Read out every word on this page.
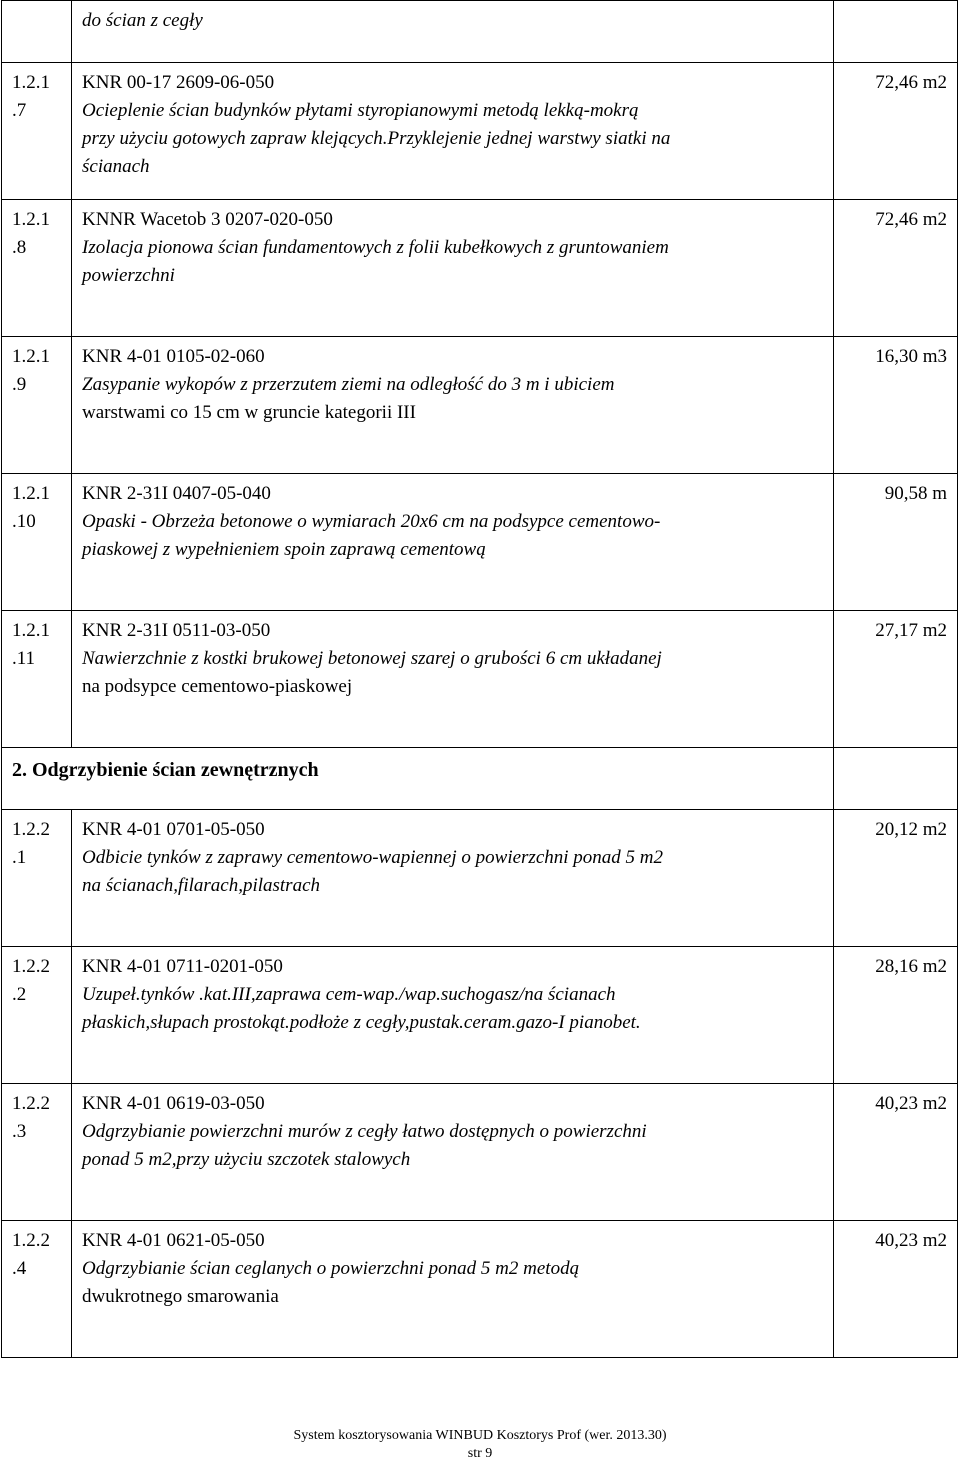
	do ścian z cegły	

1.2.1
.7	KNR 00-17 2609-06-050
Ocieplenie ścian budynków płytami styropianowymi metodą lekką-mokrą
przy użyciu gotowych zapraw klejących.Przyklejenie jednej warstwy siatki na
ścianach	72,46 m2

1.2.1
.8	KNNR Wacetob 3 0207-020-050
Izolacja pionowa ścian fundamentowych z folii kubełkowych z gruntowaniem
powierzchni	72,46 m2

1.2.1
.9	KNR 4-01 0105-02-060
Zasypanie wykopów z przerzutem ziemi na odległość do 3 m i ubiciem
warstwami co 15 cm w gruncie kategorii III	16,30 m3

1.2.1
.10	KNR 2-31I 0407-05-040
Opaski - Obrzeża betonowe o wymiarach 20x6 cm na podsypce cementowo-
piaskowej z wypełnieniem spoin zaprawą cementową	90,58 m

1.2.1
.11	KNR 2-31I 0511-03-050
Nawierzchnie z kostki brukowej betonowej szarej o grubości 6 cm układanej
na podsypce cementowo-piaskowej	27,17 m2
2. Odgrzybienie ścian zewnętrznych		

1.2.2
.1	KNR 4-01 0701-05-050
Odbicie tynków z zaprawy cementowo-wapiennej o powierzchni ponad 5 m2
na ścianach,filarach,pilastrach	20,12 m2

1.2.2
.2	KNR 4-01 0711-0201-050
Uzupeł.tynków .kat.III,zaprawa cem-wap./wap.suchogasz/na ścianach
płaskich,słupach prostokąt.podłoże z cegły,pustak.ceram.gazo-I pianobet.	28,16 m2

1.2.2
.3	KNR 4-01 0619-03-050
Odgrzybianie powierzchni murów z cegły łatwo dostępnych o powierzchni
ponad 5 m2,przy użyciu szczotek stalowych	40,23 m2

1.2.2
.4	KNR 4-01 0621-05-050
Odgrzybianie ścian ceglanych o powierzchni ponad 5 m2 metodą
dwukrotnego smarowania	40,23 m2
System kosztorysowania WINBUD Kosztorys Prof (wer. 2013.30)
str 9
